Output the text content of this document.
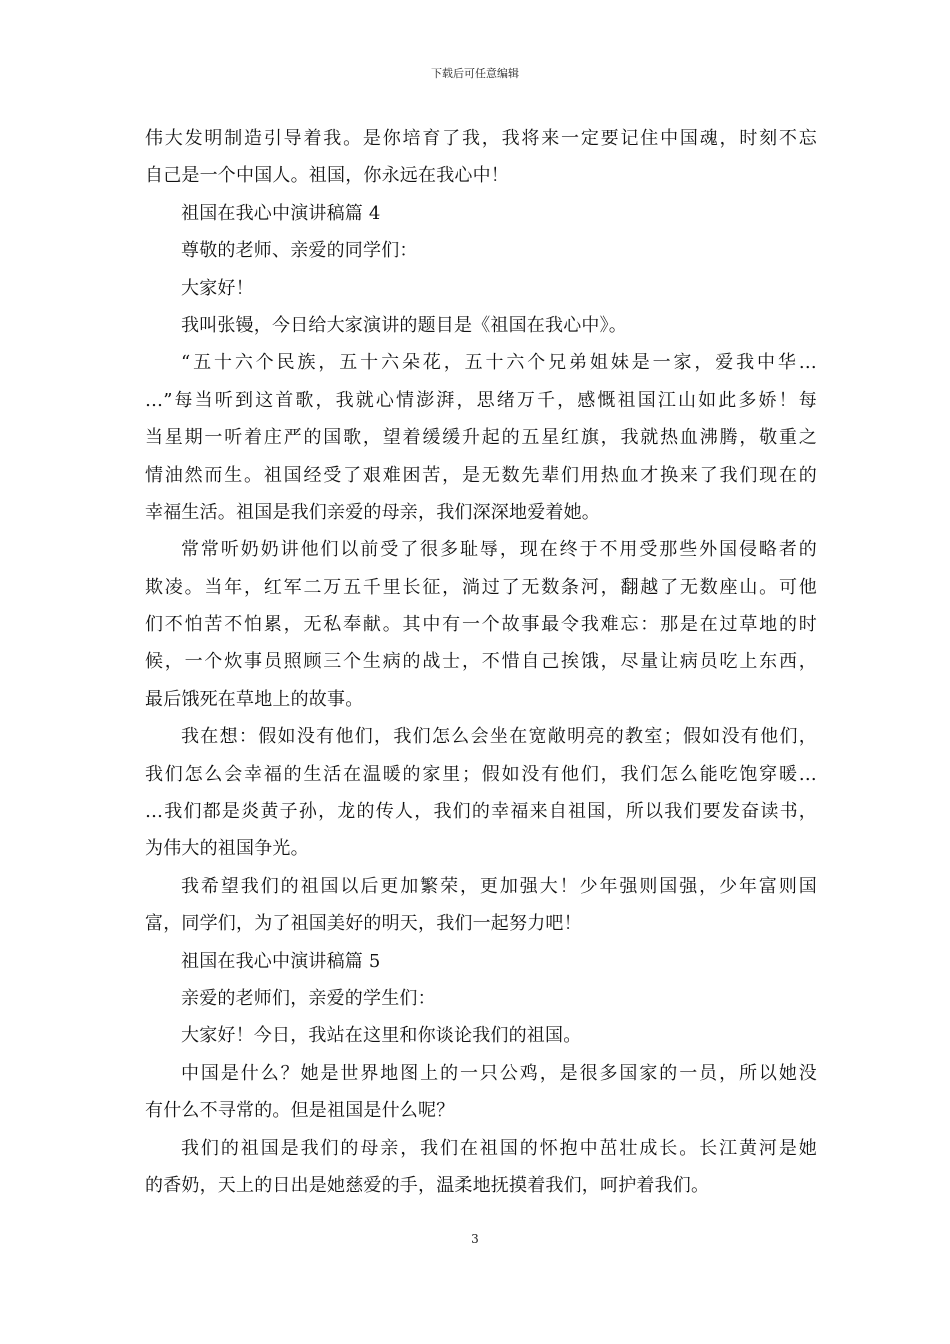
下载后可任意编辑
伟大发明制造引导着我。是你培育了我，我将来一定要记住中国魂，时刻不忘
自己是一个中国人。祖国，你永远在我心中！
祖国在我心中演讲稿篇 4
尊敬的老师、亲爱的同学们：
大家好！
我叫张镘，今日给大家演讲的题目是《祖国在我心中》。
“五十六个民族，五十六朵花，五十六个兄弟姐妹是一家，爱我中华…
…”每当听到这首歌，我就心情澎湃，思绪万千，感慨祖国江山如此多娇！每
当星期一听着庄严的国歌，望着缓缓升起的五星红旗，我就热血沸腾，敬重之
情油然而生。祖国经受了艰难困苦，是无数先辈们用热血才换来了我们现在的
幸福生活。祖国是我们亲爱的母亲，我们深深地爱着她。
常常听奶奶讲他们以前受了很多耻辱，现在终于不用受那些外国侵略者的
欺凌。当年，红军二万五千里长征，淌过了无数条河，翻越了无数座山。可他
们不怕苦不怕累，无私奉献。其中有一个故事最令我难忘：那是在过草地的时
候，一个炊事员照顾三个生病的战士，不惜自己挨饿，尽量让病员吃上东西，
最后饿死在草地上的故事。
我在想：假如没有他们，我们怎么会坐在宽敞明亮的教室；假如没有他们，
我们怎么会幸福的生活在温暖的家里；假如没有他们，我们怎么能吃饱穿暖…
…我们都是炎黄子孙，龙的传人，我们的幸福来自祖国，所以我们要发奋读书，
为伟大的祖国争光。
我希望我们的祖国以后更加繁荣，更加强大！少年强则国强，少年富则国
富，同学们，为了祖国美好的明天，我们一起努力吧！
祖国在我心中演讲稿篇 5
亲爱的老师们，亲爱的学生们：
大家好！今日，我站在这里和你谈论我们的祖国。
中国是什么？她是世界地图上的一只公鸡，是很多国家的一员，所以她没
有什么不寻常的。但是祖国是什么呢？
我们的祖国是我们的母亲，我们在祖国的怀抱中茁壮成长。长江黄河是她
的香奶，天上的日出是她慈爱的手，温柔地抚摸着我们，呵护着我们。
3
